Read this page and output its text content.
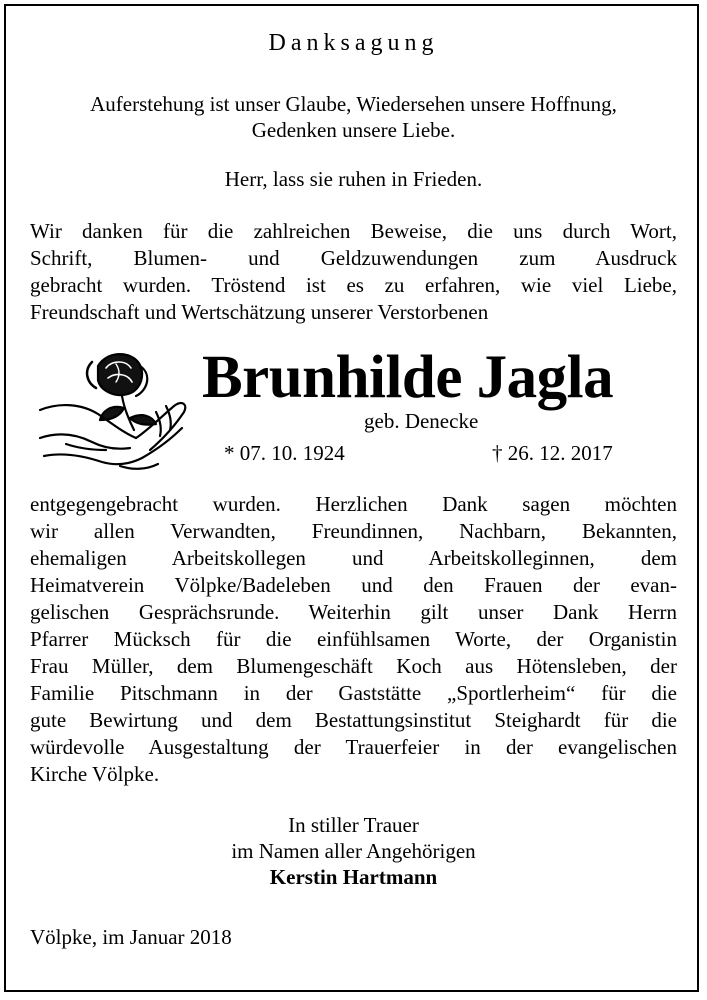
Danksagung

Auferstehung ist unser Glaube, Wiedersehen unsere Hoffnung,

Gedenken unsere Liebe.

Herr, lass sie ruhen in Frieden.

Wir danken für die zahlreichen Beweise, die uns durch Wort,

Schrift, Blumen- und Geldzuwendungen zum Ausdruck

gebracht wurden. Tröstend ist es zu erfahren, wie viel Liebe,

Freundschaft und Wertschätzung unserer Verstorbenen

Brunhilde Jagla

geb. Denecke

* 07. 10. 1924	† 26. 12. 2017

entgegengebracht wurden. Herzlichen Dank sagen möchten

wir allen Verwandten, Freundinnen, Nachbarn, Bekannten,

ehemaligen Arbeitskollegen und Arbeitskolleginnen, dem

Heimatverein Völpke/Badeleben und den Frauen der evan-

gelischen Gesprächsrunde. Weiterhin gilt unser Dank Herrn

Pfarrer Mücksch für die einfühlsamen Worte, der Organistin

Frau Müller, dem Blumengeschäft Koch aus Hötensleben, der

Familie Pitschmann in der Gaststätte „Sportlerheim“ für die

gute Bewirtung und dem Bestattungsinstitut Steighardt für die

würdevolle Ausgestaltung der Trauerfeier in der evangelischen

Kirche Völpke.

In stiller Trauer

im Namen aller Angehörigen

Kerstin Hartmann

Völpke, im Januar 2018
